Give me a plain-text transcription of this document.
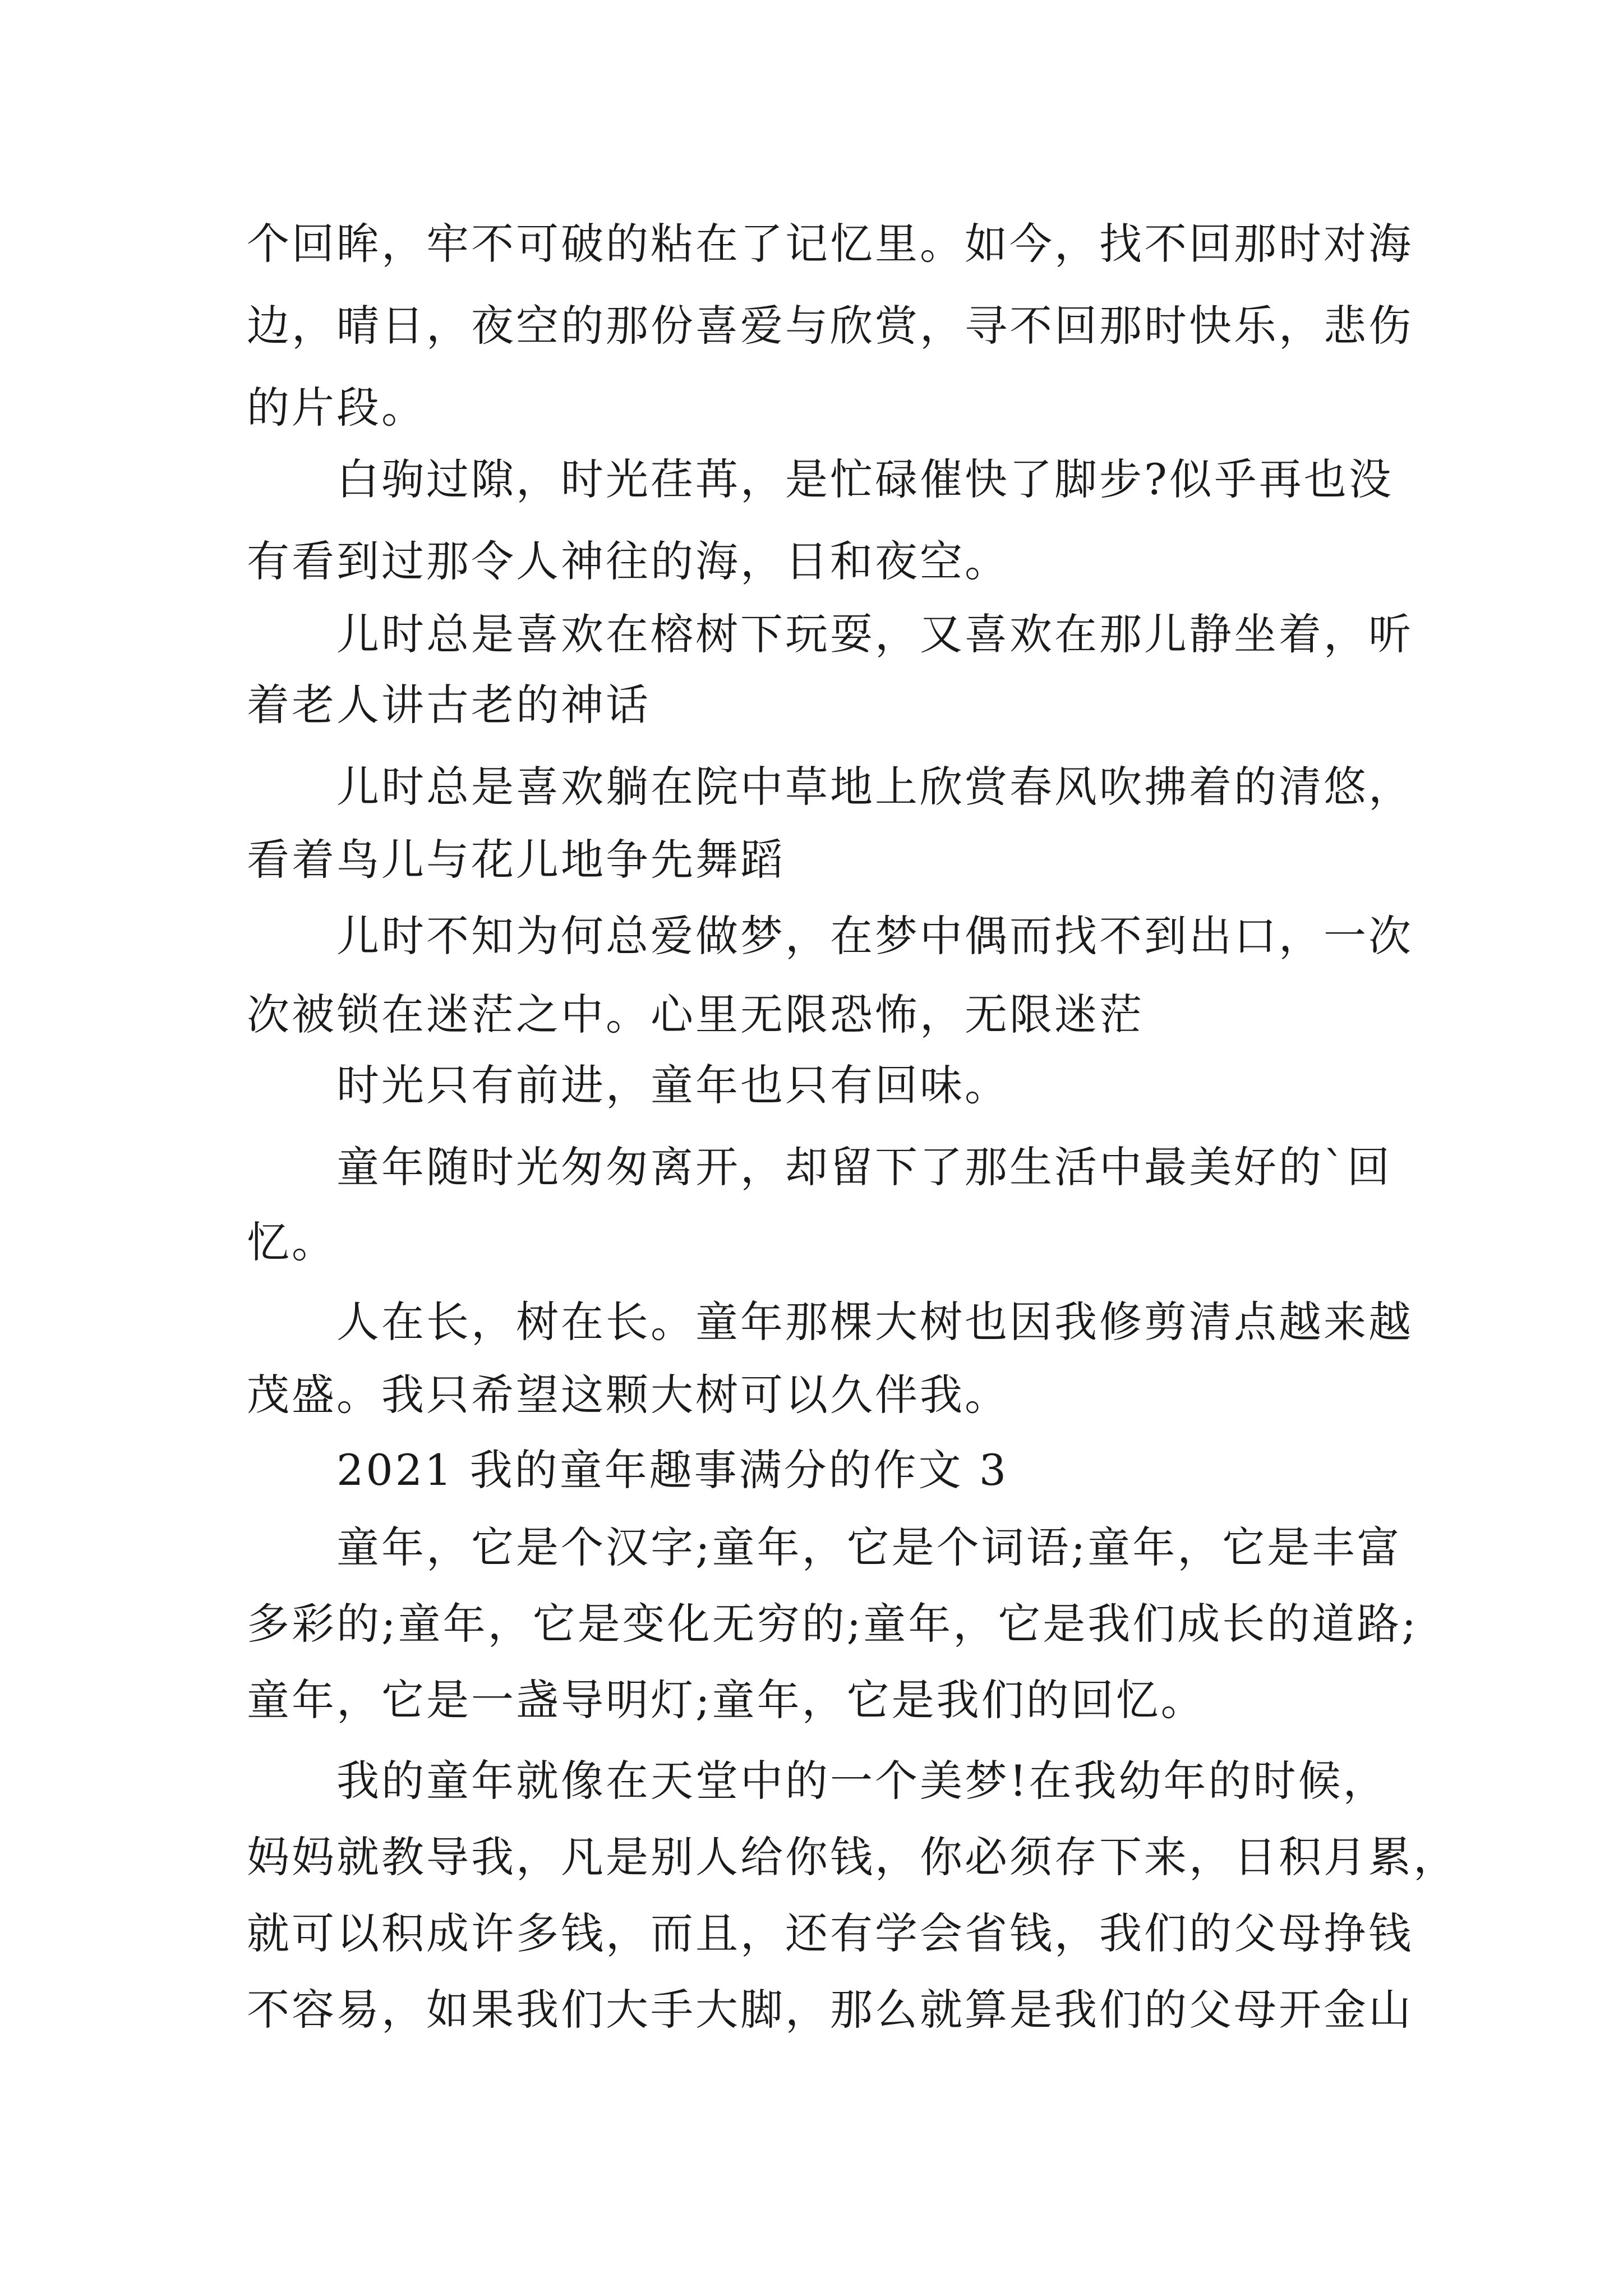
个回眸，牢不可破的粘在了记忆里。如今，找不回那时对海
边，晴日，夜空的那份喜爱与欣赏，寻不回那时快乐，悲伤
的片段。
白驹过隙，时光荏苒，是忙碌催快了脚步?似乎再也没
有看到过那令人神往的海，日和夜空。
儿时总是喜欢在榕树下玩耍，又喜欢在那儿静坐着，听
着老人讲古老的神话
儿时总是喜欢躺在院中草地上欣赏春风吹拂着的清悠，
看着鸟儿与花儿地争先舞蹈
儿时不知为何总爱做梦，在梦中偶而找不到出口，一次
次被锁在迷茫之中。心里无限恐怖，无限迷茫
时光只有前进，童年也只有回味。
童年随时光匆匆离开，却留下了那生活中最美好的`回
忆。
人在长，树在长。童年那棵大树也因我修剪清点越来越
茂盛。我只希望这颗大树可以久伴我。
2021 我的童年趣事满分的作文 3
童年，它是个汉字;童年，它是个词语;童年，它是丰富
多彩的;童年，它是变化无穷的;童年，它是我们成长的道路;
童年，它是一盏导明灯;童年，它是我们的回忆。
我的童年就像在天堂中的一个美梦!在我幼年的时候，
妈妈就教导我，凡是别人给你钱，你必须存下来，日积月累，
就可以积成许多钱，而且，还有学会省钱，我们的父母挣钱
不容易，如果我们大手大脚，那么就算是我们的父母开金山
